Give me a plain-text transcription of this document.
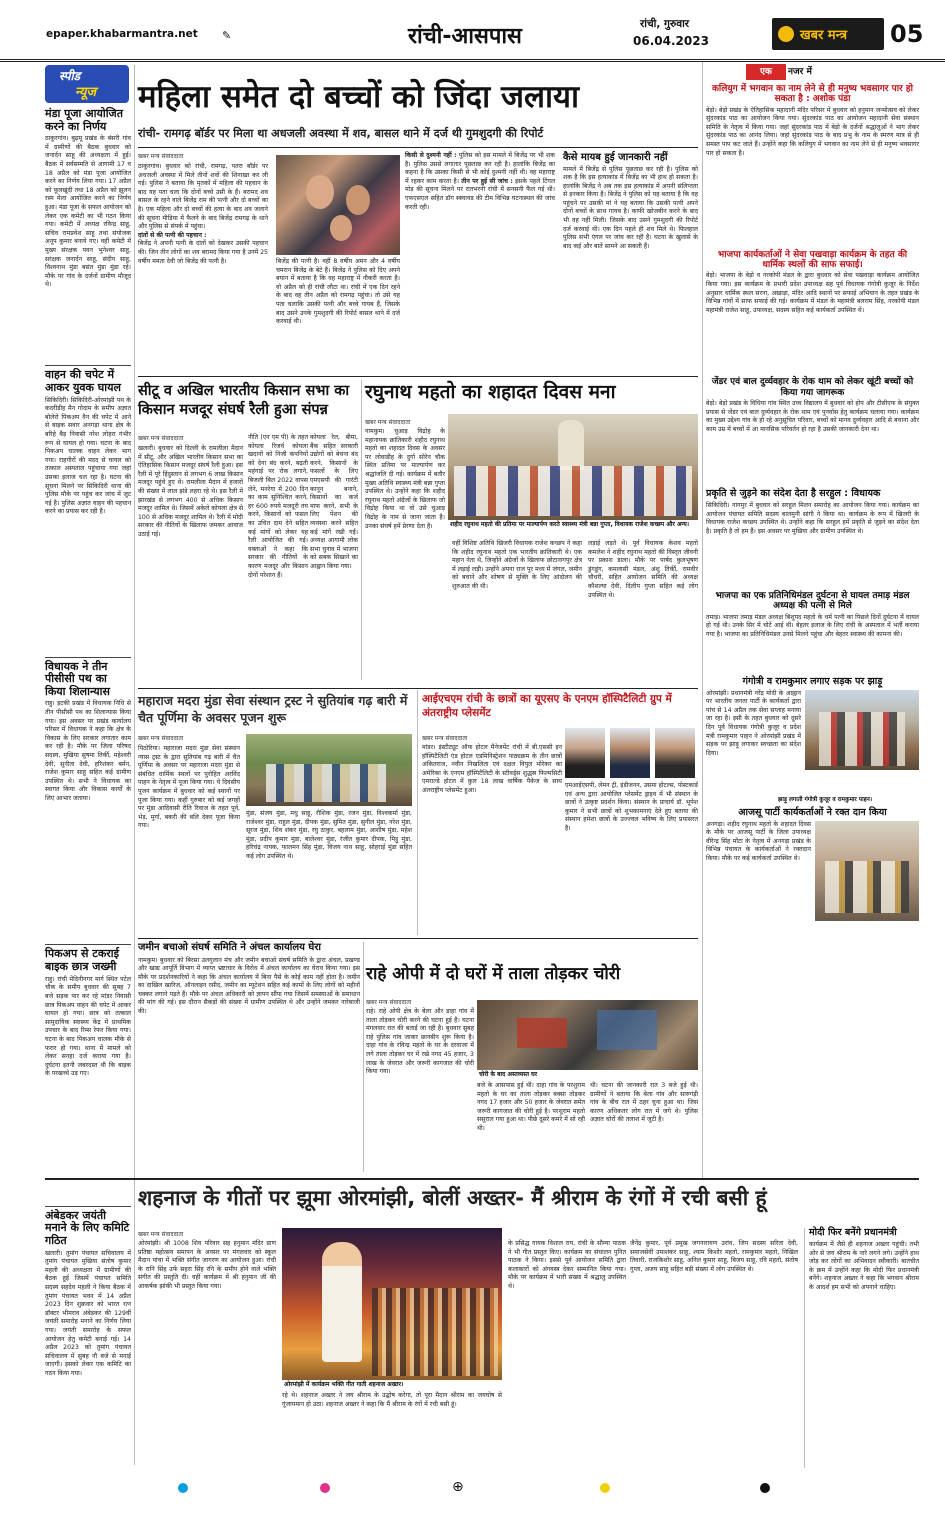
epaper.khabarmantra.net ✎	रांची-आसपास	रांची, गुरुवार
06.04.2023	खबर मन्त्र 05
स्पीड
न्यूज
मंडा पूजा आयोजित करने का निर्णय
ठाकुरगांव। बुढ़मू प्रखंड के बंसरी गांव में ग्रामीणों की बैठक बुधवार को जनार्दन साहू की अध्यक्षता में हुई। बैठक में सर्वसम्मति से आगामी 17 व 18 अप्रैल को मंडा पूजा आयोजित करने का निर्णय लिया गया। 17 अप्रैल को फूलखूंदी तथा 18 अप्रैल को झूलन रस्म मेला आयोजित करने का निर्णय हुआ। मंडा पूजा के सफल आयोजन को लेकर एक कमेटी का भी गठन किया गया। कमेटी में अध्यक्ष रविन्द्र साहू, सचिव रामप्रवेश साहू तथा संयोजक अनूप कुमार बनाये गए। वहीं कमेटी में मुख्य संरक्षक पवन भुनेश्वर साहू, सरंक्षक जनार्दन साहू, संदीप साहू, विश्वनाथ मुंडा बसंत मुंडा मुंडा रहे। मौके पर गांव के दर्जनों ग्रामीण मौजूद थे।
वाहन की चपेट में आकर युवक घायल
सिकिदिरी। सिकिदिरी-ओरमांझी पथ के कदरीडीह मैन गोदाम के समीप अज्ञात बोलेरो पिकअप वैन की चपेट में आने से बाइक सवार अनगड़ा थाना क्षेत्र के बरिहे बैड़ निवासी नरेश लोहरा गंभीर रूप से घायल हो गया। घटना के बाद पिकअप चालक वाहन लेकर भाग गया। राहगीरों की मदद से घायल को तत्काल अस्पताल पहुंचाया गया जहां उसका इलाज चल रहा है। घटना की सूचना मिलने पर सिकिदिरी थाना की पुलिस मौके पर पहुंच कर जांच में जुट गई है। पुलिस अज्ञात वाहन की पहचान करने का प्रयास कर रही है।
विधायक ने तीन पीसीसी पथ का किया शिलान्यास
राहु। इटकी प्रखंड में विधायक निधि से तीन पीसीसी पथ का शिलान्यास किया गया। इस अवसर पर प्रखंड कार्यालय परिसर में विधायक ने कहा कि क्षेत्र के विकास के लिए सरकार लगातार काम कर रही है। मौके पर जिला परिषद सदस्य, मुखिया सुषमा तिर्की, महेश्वरी देवी, सुनीता देवी, हरिशंकर बर्मन, राजेश कुमार साहू सहित कई ग्रामीण उपस्थित थे। सभी ने विधायक का स्वागत किया और विकास कार्यों के लिए आभार जताया।
पिकअप से टकराई बाइक छात्र जख्मी
राहु। रांची मेदिनीनगर मार्ग स्थित पटेल चौक के समीप बुधवार की सुबह 7 बजे सड़क पार कर रहे मांडर निवासी छात्र पिकअप वाहन की चपेट में आकर घायल हो गया। छात्र को तत्काल सामुदायिक स्वास्थ्य केंद्र में प्राथमिक उपचार के बाद रिम्स रेफर किया गया। घटना के बाद पिकअप चालक मौके से फरार हो गया। थाना में मामले को लेकर सनहा दर्ज कराया गया है। दुर्घटना इतनी जबरदस्त थी कि बाइक के परखच्चे उड़ गए।
अंबेडकर जयंती मनाने के लिए कमिटि गठित
खलारी। तुमांग पंचायत सचिवालय में तुमांग पंचायत मुखिया संतोष कुमार महली की अध्यक्षता में ग्रामीणों की बैठक हुई जिसमें पंचायत समिति सदस्य सहदेव महली ने किया बैठक में तुमांग पंचायत भवन में 14 अप्रैल 2023 दिन शुक्रवार को भारत रत्न डॉक्टर भीमराव अंबेडकर की 129वीं जयंती समारोह मनाने का निर्णय लिया गया। जयंती समारोह के सफल आयोजन हेतु कमेटी बनाई गई। 14 अप्रैल 2023 को तुमांग पंचायत सचिवालय में सुबह नौ बजे से मनाई जाएगी। इसको लेकर एक कमिटि का गठन किया गया।
महिला समेत दो बच्चों को जिंदा जलाया
रांची- रामगढ़ बॉर्डर पर मिला था अधजली अवस्था में शव, बासल थाने में दर्ज थी गुमशुदगी की रिपोर्ट
खबर मन्त्र संवाददाता
ठाकुरगांव। बुधवार को रांची, रामगढ़, पतरा बॉर्डर पर अधजली अवस्था में मिले तीनों शवों की शिनाख्त कर ली गई। पुलिस ने बताया कि मृतकों में महिला की पहचान के बाद यह पता चला कि दोनों बच्चे उसी के हैं। बरामद शव बासल के रहने वाले बिजेंद्र राम की पत्नी और दो बच्चों का है। एक महिला और दो बच्चों की हत्या के बाद शव जलाने की सूचना मीडिया में फैलने के बाद बिजेंद्र रामगढ़ के थाने और पुलिस से संपर्क में पहुंचा।
दांतों से की पत्नी की पहचान :
बिजेंद्र ने अपनी पत्नी के दांतों को देखकर उसकी पहचान की। जिन तीन लोगों का शव बरामद किया गया है उनमें 25 वर्षीय ममता देवी जो बिजेंद्र की पत्नी है।	बिजेंद्र की पत्नी है। वहीं 8 वर्षीय अमन और 4 वर्षीय चमरान बिजेंद्र के बेटे हैं। बिजेंद्र ने पुलिस को दिए अपने बयान में बताया है कि वह महाराष्ट्र में नौकरी करता है। वो अप्रैल को ही रांची लौटा था। रांची में एक दिन रहने के बाद वह तीन अप्रैल को रामगढ़ पहुंचा। तो उसे यह पता चलाकि उसकी पत्नी और बच्चे गायब हैं, जिसके बाद उसने उनके गुमशुदगी की रिपोर्ट बासल थाने में दर्ज करवाई थी।
किसी से दुश्मनी नहीं : पुलिस को इस मामले में बिजेंद्र पर भी शक है। पुलिस उससे लगातार पूछताछ कर रही है। हालांकि बिजेंद्र का कहना है कि उसका किसी से भी कोई दुश्मनी नहीं थी। वह महाराष्ट्र में रहकर काम करता है। तीन पर हुई सी जांच : इसके पहले टिंगल मोड़ की सूचना मिलने पर रातभरनी रांची में सनसनी फैल गई थी। एफएसएल सहित डॉग स्क्वायड की टीम विभिन्न घटनास्थल की जांच करती रही।
कैसे मायब हुई जानकारी नहीं
मामले में बिजेंद्र से पुलिस पूछताछ कर रही है। पुलिस को शक है कि इस हत्याकांड में बिजेंद्र का भी हाथ हो सकता है। हालांकि बिजेंद्र ने अब तक इस हत्याकांड में अपनी संलिप्तता से इनकार किया है। बिजेंद्र ने पुलिस को यह बताया है कि वह पहुंचने पर उसकी मां ने यह बताया कि उसकी पत्नी अपने दोनों बच्चों के साथ गायब है। काफी खोजबीन करने के बाद भी वह नहीं मिली। जिसके बाद उसने गुमशुदगी की रिपोर्ट दर्ज करवाई थी। एक दिन पहले ही शव मिले थे। फिलहाल पुलिस सभी एंगल पर जांच कर रही है। घटना के खुलासे के बाद कई और बातें सामने आ सकती हैं।
सीटू व अखिल भारतीय किसान सभा का किसान मजदूर संघर्ष रैली हुआ संपन्न
खबर मन्त्र संवाददाता
खलारी। बुधवार को दिल्ली के रामलीला मैदान में सीटू, और अखिल भारतीय किसान सभा का ऐतिहासिक किसान मजदूर संघर्ष रैली हुआ। इस रैली में पूरे हिंदुस्तान से लगभग 6 लाख किसान मजदूर पहुंचे हुए थे। रामलीला मैदान में हजारों की संख्या में लाल झंडे लहरा रहे थे। इस रैली में झारखंड से लगभग 400 से अधिक किसान मजदूर शामिल थे। जिसमें अकेले कोयला क्षेत्र से 100 से अधिक मजदूर शामिल थे। रैली में मोदी सरकार की नीतियों के खिलाफ जमकर आवाज उठाई गई।
नीति (एन एम पी) के तहत कोयला रिजर्व कोयला खदानों को निजी कंपनियों को देना बंद करने, बढ़ती महंगाई पर रोक लगाने, बिजली बिल 2022 वापस लेने, मनरेगा में 200 दिन का काम सुनिश्चित करने, हर 600 रुपये मजदूरी तय करने, किसानों को फसल का उचित दाम देने सहित कई मांगों को लेकर यह रैली आयोजित की गई। वक्ताओं ने कहा कि सरकार की नीतियों के कारण मजदूर और किसान दोनों परेशान हैं।
कोयला रेल, बीमा, बैंक सहित सरकारी उद्योगों को बेचना बंद करने, किसानों के फसलों के लिए एमएसपी की गारंटी कानून बनाने, किसानों का कर्ज माफ करने, सभी के लिए पेंशन की व्यवस्था करने सहित कई मांगें रखी गईं। अध्यक्ष आगामी लोक सभा चुनाव में भाजपा को सबक सिखाने का आह्वान किया गया।
रघुनाथ महतो का शहादत दिवस मना
खबर मन्त्र संवाददाता
शहीद रघुनाथ महतो की प्रतिमा पर माल्यार्पण करते स्वास्थ्य मंत्री बन्ना गुप्ता, विधायक राजेश कच्छप और अन्य।
नामकुम। चुआड़ विद्रोह के महानायक क्रांतिकारी शहीद रघुनाथ महतो का शहादत दिवस के अवसर पर लोवाडीह के दुर्गा सोरेन चौक स्थित प्रतिमा पर माल्यार्पण कर श्रद्धांजलि दी गई। कार्यक्रम में बतौर मुख्य अतिथि स्वास्थ्य मंत्री बन्ना गुप्ता उपस्थित थे। उन्होंने कहा कि शहीद रघुनाथ महतो अंग्रेजों के खिलाफ जो विद्रोह किया था वो उसे चुआड़ विद्रोह के नाम से जाना जाता है। उनका संघर्ष हमें प्रेरणा देता है।
वहीं विशिष्ट अतिथि खिजरी विधायक राजेश कच्छप ने कहा कि शहीद रघुनाथ महतो एक भारतीय क्रांतिकारी थे। एक महान नेता थे, जिन्होंने अंग्रेजों के खिलाफ छोटानागपुर क्षेत्र में लड़ाई लड़ी। उन्होंने अपना राज पुर मध्य में जंगल, जमीन को बचाने और शोषण से मुक्ति के लिए आंदोलन की शुरुआत की थी।
लड़ाई लड़ते थे। पूर्व विधायक केशव महतो कमलेश ने शहीद रघुनाथ महतो की विस्तृत जीवनी पर प्रकाश डाला। मौके पर पार्षद कुलभूषण डुंगडुंग, कमलासी मंडल, अंशु तिर्की, रामवीर चौधरी, सहित आयोजन समिति की अध्यक्ष कौशल्या देवी, दिलीप गुप्ता सहित कई लोग उपस्थित थे।
महाराज मदरा मुंडा सेवा संस्थान ट्रस्ट ने सुतियांब गढ़ बारी में चैत पूर्णिमा के अवसर पूजन शुरू
खबर मन्त्र संवाददाता
पिठोरिया। महाराजा मदरा मुंडा सेवा संस्थान न्यास ट्रस्ट के द्वारा सुतियांब गढ़ बारी में चैत पूर्णिमा के अवसर पर महाराजा मदरा मुंडा से संबंधित धार्मिक स्थलों पर पुरोहित अरविंद पाहन के नेतृत्व में पूजा किया गया। ये दिवसीय पूजन कार्यक्रम में बुधवार को कई स्थानों पर पूजा किया गया। कहीं गुरुबार को कई जगहों पर मुंडा आदिवासी रीति रिवाज के तहत पूर्व, भेड़, मुर्गा, बकरी की बलि देकर पूजा किया गया।
मुंडा, संजय मुंडा, मधु साहू, रौशिक मुंडा, रजन मुंडा, विश्वकर्मा मुंडा, राजेश्वर मुंडा, राहुल मुंडा, दीपक मुंडा, सुमित मुंडा, सुनील मुंडा, नरेश मुंडा, सूरज मुंडा, शिव शंकर मुंडा, रघु ठाकुर, बहलाम मुंडा, आशीष मुंडा, महेश मुंडा, प्रदीप कुमार मुंडा, बालेश्वर मुंडा, रंजीत कुमार दीपक, मिट्ठू मुंडा, हरिचंद्र नायक, फालमन सिंह मुंडा, विजय नाथ साहू, सोहराई मुंडा सहित कई लोग उपस्थित थे।
आईएचएम रांची के छात्रों का यूएसए के एनएम हॉस्पिटैलिटी ग्रुप में अंतराष्ट्रीय प्लेसमेंट
खबर मन्त्र संवाददाता
मांडर। इंस्टीट्यूट ऑफ होटल मैनेजमेंट रांची में बी.एससी इन हॉस्पिटैलिटी एंड होटल एडमिनिस्ट्रेशन पाठ्यक्रम के तीन छात्रों अंकितराज, नवीन निखलिता एवं दक्षल विपुल मोरेकर का अमेरिका के एनएम हॉस्पिटैलिटी के स्टीवर्ड्स शुद्धस्र फिल्मसिटी एमराल्डे होटल में कुल 18 लाख वार्षिक पैकेज के साथ अंतराष्ट्रीय प्लेसमेंट हुआ।
एमआईएसपी, लेमन ट्री, इंडीजनन, उसमा होटल्स, पोस्टकार्ड एवं अन्य द्वारा आयोजित प्लेसमेंट ड्राइव में भी संस्थान के छात्रों ने उत्कृष्ट प्रदर्शन किया। संस्थान के प्राचार्य डॉ. भूपेश कुमार ने सभी छात्रों को शुभकामनाएं देते हुए बताया की संस्थान हमेशा छात्रों के उज्ज्वल भविष्य के लिए प्रयासरत है।
जमीन बचाओ संघर्ष समिति ने अंचल कार्यालय घेरा
नामकुम। बुधवार को बिरसा उलगुलान मंच और जमीन बचाओ संघर्ष समिति के द्वारा अंचल, प्रखण्ड और खाद्य आपूर्ति विभाग में व्याप्त भ्रष्टाचार के विरोध में अंचल कार्यालय का घेराव किया गया। इस मौके पर प्रदर्शनकारियों ने कहा कि अंचल कार्यालय में बिना पैसे के कोई काम नहीं होता है। जमीन का दाखिल खारिज, ऑनलाइन रसीद, जमीन का म्यूटेशन सहित कई कामों के लिए लोगों को महीनों चक्कर लगाने पड़ते हैं। मौके पर अंचल अधिकारी को ज्ञापन सौंपा गया जिसमें समस्याओं के समाधान की मांग की गई। इस दौरान सैकड़ों की संख्या में ग्रामीण उपस्थित थे और उन्होंने जमकर नारेबाजी की।
राहे ओपी में दो घरों में ताला तोड़कर चोरी
खबर मन्त्र संवाददाता
राहे। राहे ओपी क्षेत्र के बेला और डाहा गांव में ताला तोड़कर चोरी करने की घटना हुई है। घटना मंगलवार रात की बताई जा रही है। बुधवार सुबह राहे पुलिस गांव जाकर छानबीन शुरू किया है। दाहा गांव के रविन्द्र महतो के घर के दरवाजा में लगे ताला तोड़कर घर में रखे नगद 45 हजार, 3 लाख के जेवरात और जरूरी कागजात की चोरी किया गया।	चोरी के बाद अस्तव्यस्त घर
बजे के आसपास हुई थी। दाहा गांव के परशुराम महतो के घर का ताला तोड़कर बक्सा तोड़कर नगद 17 हजार और 50 हजार के जेवरात समेत जरूरी कागजात की चोरी हुई है। परशुराम महतो ससुराल गया हुआ था। पीछे दूसरे कमरे में सो रही थी।
थी। घटना की जानकारी रात 3 बजे हुई थी। ग्रामीणों ने बताया कि बेला गांव और सारुगंड़ी गांव के बीच रात में ठहर चुना हुआ था। जिस कारण अधिकतर लोग रात में जगे थे। पुलिस अज्ञात चोरों की तलाश में जुटी है।
एक	नजर में
कलियुग में भगवान का नाम लेने से ही मनुष्य भवसागर पार हो सकता है : अशोक पंडा
बेड़ो। बेड़ो प्रखंड के ऐतिहासिक महादानी मंदिर परिसर में बुधवार को हनुमान जन्मोत्सव को लेकर सुंदरकांड पाठ का आयोजन किया गया। सुंदरकांड पाठ का आयोजन महादानी सेवा संस्थान समिति के नेतृत्व में किया गया। जहां सुंदरकांड पाठ में बेड़ो के दर्जनों श्रद्धालुओं ने भाग लेकर सुंदरकांड पाठ का आनंद लिया। जहां सुंदरकांड पाठ के बाद प्रभु के नाम के स्मरण मात्र से ही समस्त पाप कट जाते हैं। उन्होंने कहा कि कलियुग में भगवान का नाम लेने से ही मनुष्य भवसागर पार हो सकता है।
भाजपा कार्यकर्ताओं ने सेवा पखवाड़ा कार्यक्रम के तहत की धार्मिक स्थलों की साफ सफाई।
बेड़ो। भाजपा के बेड़ो व नरकोपी मंडल के द्वारा बुधवार को सेवा पखवाड़ा कार्यक्रम आयोजित किया गया। इस कार्यक्रम के प्रभारी प्रदेश उपाध्यक्ष सह पूर्व विधायक गंगोत्री कुजूर के निर्देश अनुसार धार्मिक स्थल सरना, अखाड़ा, मंदिर आदि स्थानों पर सफाई अभियान के तहत प्रखंड के विभिन्न गांवों में साफ सफाई की गई। कार्यक्रम में मंडल के महामंत्री बलराम सिंह, नरकोपी मंडल महामंत्री राजेश साहू, उपाध्यक्ष, सदस्य सहित कई कार्यकर्ता उपस्थित थे।
जेंडर एवं बाल दुर्व्यवहार के रोक थाम को लेकर खूंटी बच्चों को किया गया जागरूक
बेड़ो। बेड़ो प्रखंड के विधिया गांव स्थित उच्च विद्यालय में बुधवार को होप और टीसीएफ के संयुक्त प्रयास से जेंडर एवं बाल दुर्व्यवहार के रोक थाम एवं पुनर्वास हेतु कार्यक्रम चलाया गया। कार्यक्रम का मुख्य उद्देश्य गांव के हो रहे अनुसूचित परिवार, बच्चों को मानव दुर्व्यवहार आदि से बचाना और काम उम्र में बच्चों में आ मानसिक परिवर्तन हो रहा है उसकी जानकारी देना था।
प्रकृति से जुड़ने का संदेश देता है सरहुल : विधायक
सिकिदिरी। नागमुर में बुधवार को सरहुल मिलन समारोह का आयोजन किया गया। कार्यक्रम का आयोजन पंचायत समिति सदस्य बालमुनी सांगी ने किया था। कार्यक्रम के रूप में खिजरी के विधायक राजेश कच्छप उपस्थित थे। उन्होंने कहा कि सरहुल हमें प्रकृति से जुड़ने का संदेश देता है। प्रकृति है तो हम हैं। इस अवसर पर मुखिया और ग्रामीण उपस्थित थे।
भाजपा का एक प्रतिनिधिमंडल दुर्घटना से घायल तमाड़ मंडल अध्यक्ष की पत्नी से मिले
तमाड़। भाजपा तमाड़ मंडल अध्यक्ष बिशुपद महतो के धर्म पत्नी का पिछले दिनों दुर्घटना में घायल हो गई थी। उनके सिर में चोटें आई थी। बेहतर इलाज के लिए रांची के अस्पताल में भर्ती कराया गया है। भाजपा का प्रतिनिधिमंडल उनसे मिलने पहुंचा और बेहतर स्वास्थ्य की कामना की।
गंगोत्री व रामकुमार लगाए सड़क पर झाड़ू
ओरमांझी। प्रधानमंत्री नरेंद्र मोदी के आह्वान पर भारतीय जनता पार्टी के कार्यकर्ता द्वारा पांच से 14 अप्रैल तक सेवा सप्ताह मनाया जा रहा है। इसी के तहत बुधवार को दूसरे दिन पूर्व विधायक गंगोत्री कुजूर व प्रदेश मंत्री रामकुमार पाहन ने ओरमांझी प्रखंड में सड़क पर झाड़ू लगाकर स्वच्छता का संदेश दिया।
झाड़ू लगाती गंगोत्री कुजूर व रामकुमार पाहन।
आजसू पार्टी कार्यकर्ताओं ने रक्त दान किया
अनगड़ा। शहीद रघुनाथ महतो के शहादत दिवस के मौके पर आजसू पार्टी के जिला उपाध्यक्ष वीरेन्द्र सिंह मोंटा के नेतृत्व में अनगड़ा प्रखंड के विभिन्न पंचायत के कार्यकर्ताओं ने रक्तदान किया। मौके पर कई कार्यकर्ता उपस्थित थे।
शहनाज के गीतों पर झूमा ओरमांझी, बोलीं अख्तर- मैं श्रीराम के रंगों में रची बसी हूं
खबर मन्त्र संवाददाता
ओरमांझी। श्री 1008 शिव परिवार सह हनुमान मंदिर प्राण प्रतिष्ठा महोत्सव समापन के अवसर पर मंगलवार को स्कूल मैदान पांचा में भक्ति संगीत जागरण का आयोजन हुआ। रांची के रानि सिंह उर्फ सहरा सिंह रनि के समीप होने वाले भक्ति संगीत की प्रस्तुति दी। वहीं कार्यक्रम में श्री हनुमान जी की आकर्षक झांकी भी प्रस्तुत किया गया।
ओरमांझी में कार्यक्रम भक्ति गीत गाती शहनाज अख्तर।
रहे थे। शहनाज अख्तर ने जय श्रीराम के उद्घोष करेगा, तो पूरा मैदान श्रीराम का जयघोष से गूंजायमान हो उठा। शहनाज अख्तर ने कहा कि मैं श्रीराम के रंगों में रची बसी हूं।
के प्रसिद्ध गायक विशाल राय, रांची के सौम्या पाठक ने भी गीत प्रस्तुत किए। कार्यक्रम का संचालन पुनित पाठक ने किया। इससे पूर्व आयोजन समिति द्वारा कलाकारों को अंगवस्त्र देकर सम्मानित किया गया। मौके पर कार्यक्रम में भारी संख्या में श्रद्धालु उपस्थित थे।
जैनेंद्र कुमार, पूर्व प्रमुख जगनारायण उरांव, जिप सदस्य सरिता देवी, समाजसेवी उमाशंकर साहू, श्याम किशोर महतो, रामकुमार महतो, निखिल तिवारी, राजकिशोर साहू, अनिल कुमार साहू, बिजय साहू, रवि महतो, संतोष गुप्ता, अजय साहू सहित बड़ी संख्या में लोग उपस्थित थे।
मोदी फिर बनेंगे प्रधानमंत्री
कार्यक्रम में जैसे ही शहनाज अख्तर पहुंची। तभी ओर से जय श्रीराम के नारे लगने लगे। उन्होंने हाथ जोड़ कर लोगों का अभिवादन स्वीकारी। बातचीत के क्रम में उन्होंने कहा कि मोदी फिर प्रधानमंत्री बनेंगे। शहनाज अख्तर ने कहा कि भगवान श्रीराम के आदर्श हम सभी को अपनाने चाहिए।
⊕
